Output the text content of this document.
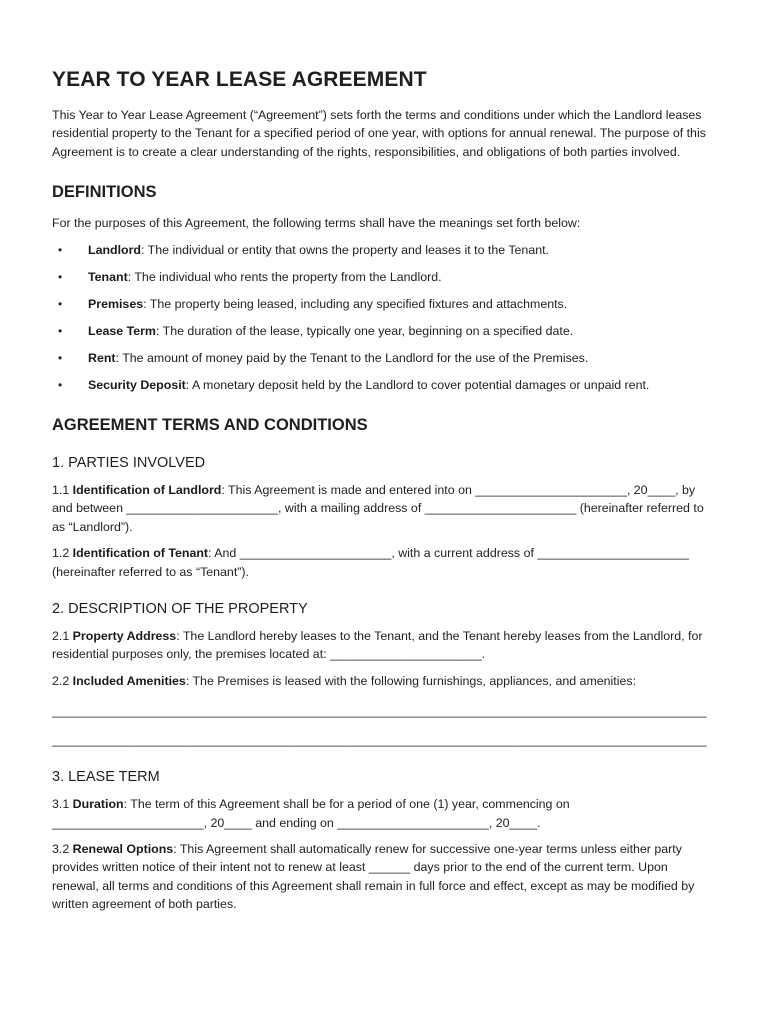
YEAR TO YEAR LEASE AGREEMENT

This Year to Year Lease Agreement (“Agreement”) sets forth the terms and conditions under which the Landlord leases residential property to the Tenant for a specified period of one year, with options for annual renewal. The purpose of this Agreement is to create a clear understanding of the rights, responsibilities, and obligations of both parties involved.

DEFINITIONS

For the purposes of this Agreement, the following terms shall have the meanings set forth below:

• Landlord: The individual or entity that owns the property and leases it to the Tenant.
• Tenant: The individual who rents the property from the Landlord.
• Premises: The property being leased, including any specified fixtures and attachments.
• Lease Term: The duration of the lease, typically one year, beginning on a specified date.
• Rent: The amount of money paid by the Tenant to the Landlord for the use of the Premises.
• Security Deposit: A monetary deposit held by the Landlord to cover potential damages or unpaid rent.
AGREEMENT TERMS AND CONDITIONS
1. PARTIES INVOLVED

1.1 Identification of Landlord: This Agreement is made and entered into on ______________________, 20____, by and between ______________________, with a mailing address of ______________________ (hereinafter referred to as “Landlord”).

1.2 Identification of Tenant: And ______________________, with a current address of ______________________ (hereinafter referred to as “Tenant”).

2. DESCRIPTION OF THE PROPERTY

2.1 Property Address: The Landlord hereby leases to the Tenant, and the Tenant hereby leases from the Landlord, for residential purposes only, the premises located at: ______________________.

2.2 Included Amenities: The Premises is leased with the following furnishings, appliances, and amenities:

_______________________________________________________________________________________________
_______________________________________________________________________________________________
3. LEASE TERM

3.1 Duration: The term of this Agreement shall be for a period of one (1) year, commencing on ______________________, 20____ and ending on ______________________, 20____.

3.2 Renewal Options: This Agreement shall automatically renew for successive one-year terms unless either party provides written notice of their intent not to renew at least ______ days prior to the end of the current term. Upon renewal, all terms and conditions of this Agreement shall remain in full force and effect, except as may be modified by written agreement of both parties.
